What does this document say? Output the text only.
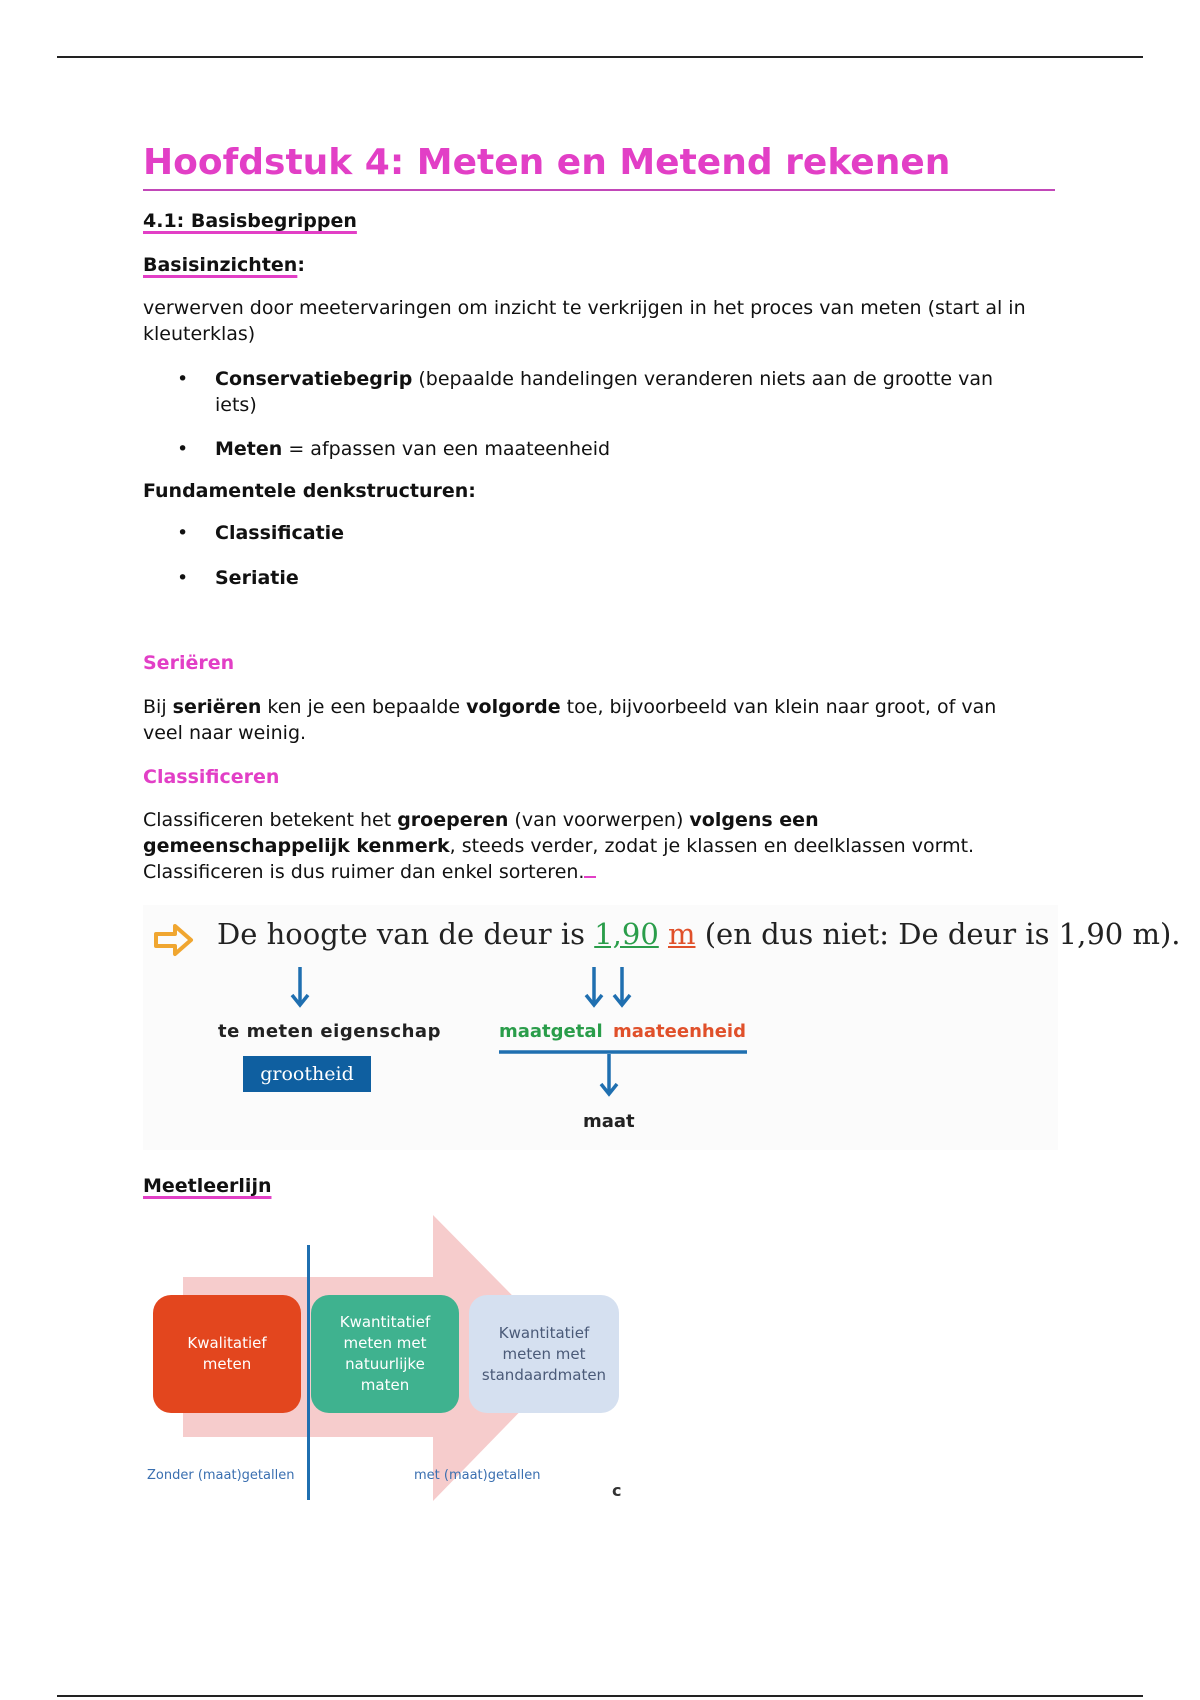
Hoofdstuk 4: Meten en Metend rekenen
4.1: Basisbegrippen
Basisinzichten:
verwerven door meetervaringen om inzicht te verkrijgen in het proces van meten (start al in kleuterklas)
• Conservatiebegrip (bepaalde handelingen veranderen niets aan de grootte van
iets)
• Meten = afpassen van een maateenheid
Fundamentele denkstructuren:
• Classificatie
• Seriatie
Seriëren
Bij seriëren ken je een bepaalde volgorde toe, bijvoorbeeld van klein naar groot, of van
veel naar weinig.
Classificeren
Classificeren betekent het groeperen (van voorwerpen) volgens een
gemeenschappelijk kenmerk, steeds verder, zodat je klassen en deelklassen vormt.
Classificeren is dus ruimer dan enkel sorteren.
De hoogte van de deur is 1,90 m (en dus niet: De deur is 1,90 m).
te meten eigenschap
grootheid
maatgetal maateenheid
maat
Meetleerlijn
Kwalitatief
meten
Kwantitatief
meten met
natuurlijke
maten
Kwantitatief
meten met
standaardmaten
Zonder (maat)getallen	met (maat)getallen
c
